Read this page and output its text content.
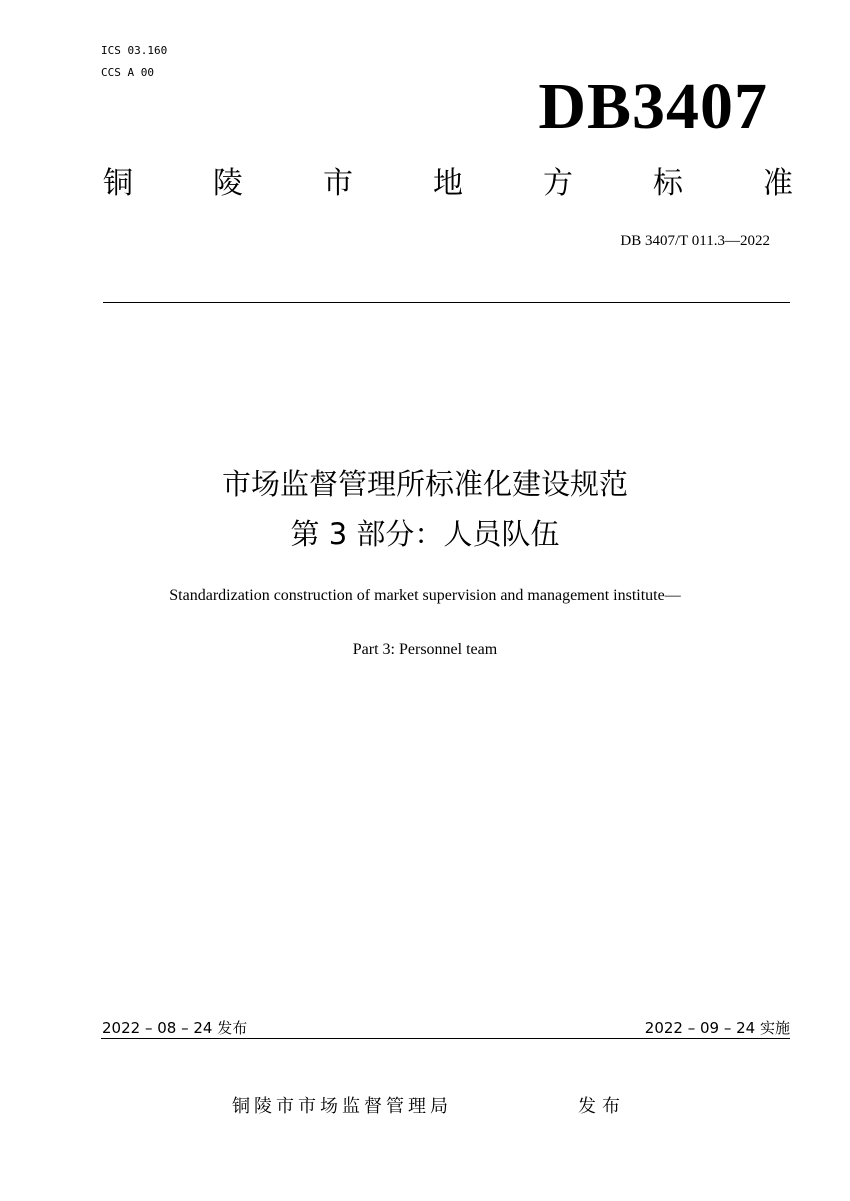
ICS 03.160
CCS A 00	DB3407
铜	陵	市	地	方	标	准
DB 3407/T 011.3—2022
市场监督管理所标准化建设规范
第 3 部分：人员队伍
Standardization construction of market supervision and management institute—
Part 3: Personnel team
2022 – 08 – 24 发布	2022 – 09 – 24 实施
铜陵市市场监督管理局	发布
